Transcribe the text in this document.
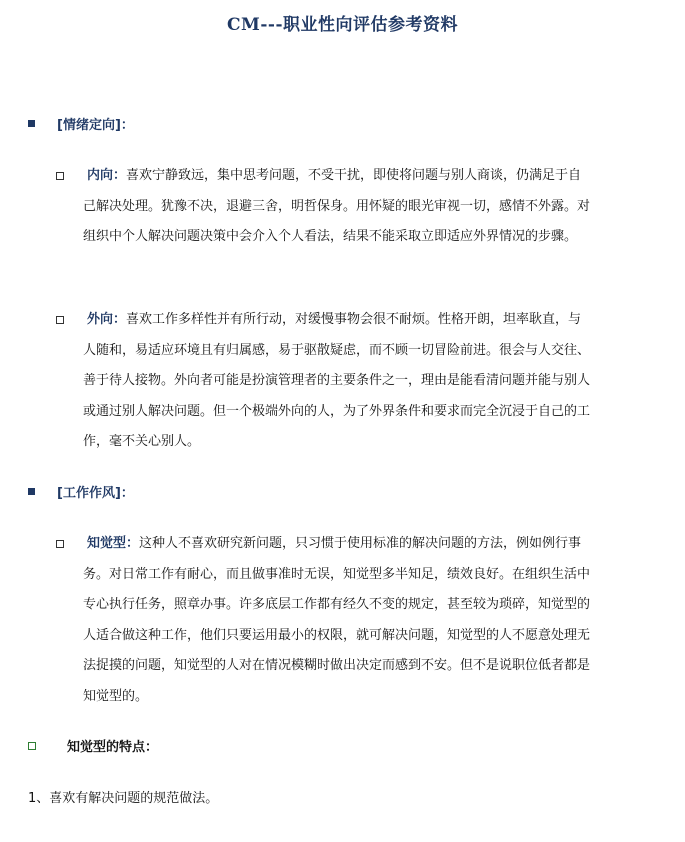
CM---职业性向评估参考资料
[情绪定向]：
内向：喜欢宁静致远，集中思考问题，不受干扰，即使将问题与别人商谈，仍满足于自己解决处理。犹豫不决，退避三舍，明哲保身。用怀疑的眼光审视一切，感情不外露。对组织中个人解决问题决策中会介入个人看法，结果不能采取立即适应外界情况的步骤。
外向：喜欢工作多样性并有所行动，对缓慢事物会很不耐烦。性格开朗，坦率耿直，与人随和，易适应环境且有归属感，易于驱散疑虑，而不顾一切冒险前进。很会与人交往、善于待人接物。外向者可能是扮演管理者的主要条件之一，理由是能看清问题并能与别人或通过别人解决问题。但一个极端外向的人，为了外界条件和要求而完全沉浸于自己的工作，毫不关心别人。
[工作作风]：
知觉型：这种人不喜欢研究新问题，只习惯于使用标准的解决问题的方法，例如例行事务。对日常工作有耐心，而且做事准时无误，知觉型多半知足，绩效良好。在组织生活中专心执行任务，照章办事。许多底层工作都有经久不变的规定，甚至较为琐碎，知觉型的人适合做这种工作，他们只要运用最小的权限，就可解决问题，知觉型的人不愿意处理无法捉摸的问题，知觉型的人对在情况模糊时做出决定而感到不安。但不是说职位低者都是知觉型的。
知觉型的特点：
1、喜欢有解决问题的规范做法。
